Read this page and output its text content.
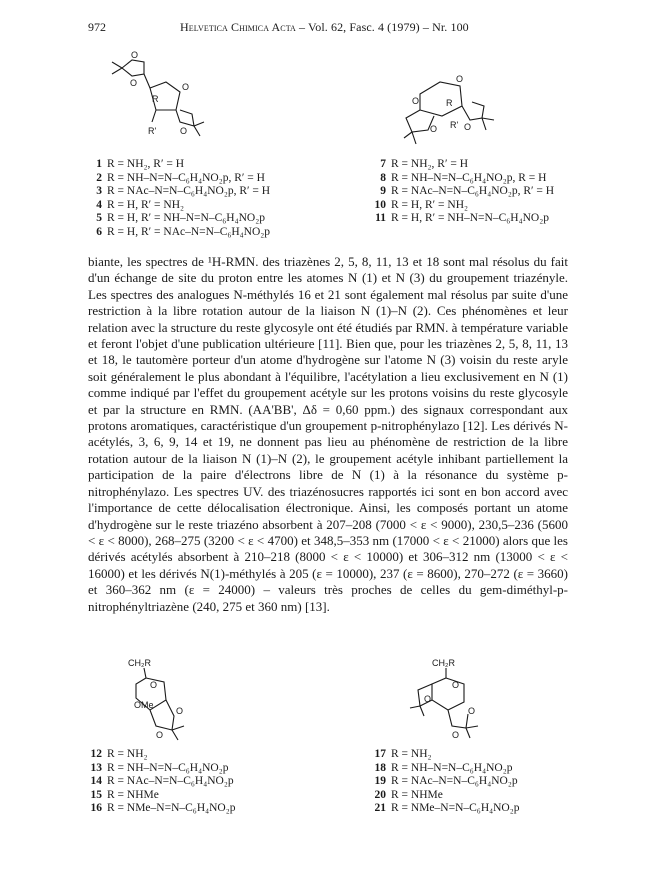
972	Helvetica Chimica Acta – Vol. 62, Fasc. 4 (1979) – Nr. 100
O
O
R
O
R'	O
O
O
O
R
R' O
1 R = NH₂, R′ = H
2 R = NH–N=N–C₆H₄NO₂p, R′ = H
3 R = NAc–N=N–C₆H₄NO₂p, R′ = H
4 R = H, R′ = NH₂
5 R = H, R′ = NH–N=N–C₆H₄NO₂p
6 R = H, R′ = NAc–N=N–C₆H₄NO₂p
7 R = NH₂, R′ = H
8 R = NH–N=N–C₆H₄NO₂p, R = H
9 R = NAc–N=N–C₆H₄NO₂p, R′ = H
10 R = H, R′ = NH₂
11 R = H, R′ = NH–N=N–C₆H₄NO₂p

biante, les spectres de ¹H-RMN. des triazènes 2, 5, 8, 11, 13 et 18 sont mal résolus du fait d'un échange de site du proton entre les atomes N (1) et N (3) du groupement triazényle. Les spectres des analogues N-méthylés 16 et 21 sont également mal résolus par suite d'une restriction à la libre rotation autour de la liaison N (1)–N (2). Ces phénomènes et leur relation avec la structure du reste glycosyle ont été étudiés par RMN. à température variable et feront l'objet d'une publication ultérieure [11]. Bien que, pour les triazènes 2, 5, 8, 11, 13 et 18, le tautomère porteur d'un atome d'hydrogène sur l'atome N (3) voisin du reste aryle soit généralement le plus abondant à l'équilibre, l'acétylation a lieu exclusivement en N (1) comme indiqué par l'effet du groupement acétyle sur les protons voisins du reste glycosyle et par la structure en RMN. (AA'BB', Δδ = 0,60 ppm.) des signaux correspondant aux protons aromatiques, caractéristique d'un groupement p-nitrophénylazo [12]. Les dérivés N-acétylés, 3, 6, 9, 14 et 19, ne donnent pas lieu au phénomène de restriction de la libre rotation autour de la liaison N (1)–N (2), le groupement acétyle inhibant partiellement la participation de la paire d'électrons libre de N (1) à la résonance du système p-nitrophénylazo. Les spectres UV. des triazénosucres rapportés ici sont en bon accord avec l'importance de cette délocalisation électronique. Ainsi, les composés portant un atome d'hydrogène sur le reste triazéno absorbent à 207–208 (7000 < ε < 9000), 230,5–236 (5600 < ε < 8000), 268–275 (3200 < ε < 4700) et 348,5–353 nm (17000 < ε < 21000) alors que les dérivés acétylés absorbent à 210–218 (8000 < ε < 10000) et 306–312 nm (13000 < ε < 16000) et les dérivés N(1)-méthylés à 205 (ε = 10000), 237 (ε = 8600), 270–272 (ε = 3660) et 360–362 nm (ε = 24000) – valeurs très proches de celles du gem-diméthyl-p-nitrophényltriazène (240, 275 et 360 nm) [13].

CH₂R
O
OMe
O
O
CH₂R
O
O
O
O
12 R = NH₂
13 R = NH–N=N–C₆H₄NO₂p
14 R = NAc–N=N–C₆H₄NO₂p
15 R = NHMe
16 R = NMe–N=N–C₆H₄NO₂p
17 R = NH₂
18 R = NH–N=N–C₆H₄NO₂p
19 R = NAc–N=N–C₆H₄NO₂p
20 R = NHMe
21 R = NMe–N=N–C₆H₄NO₂p
